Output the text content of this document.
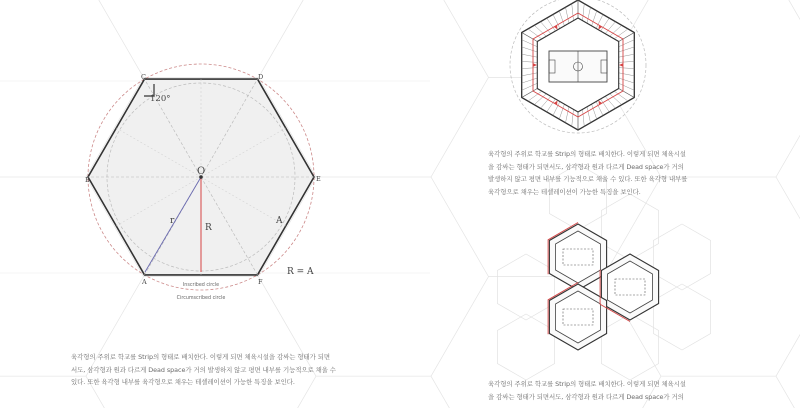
C	D
B	E
A	F
O
120°
r
R
A
R = A
Inscribed circle
Circumscribed circle

육각형의 주위로 학교를 Strip의 형태로 배치한다. 이렇게 되면 체육시설을 감싸는 형태가 되면
서도, 삼각형과 원과 다르게 Dead space가 거의 발생하지 않고 평면 내부를 기능적으로 채울 수
있다. 또한 육각형 내부를 육각형으로 채우는 테셀레이션이 가능한 특징을 보인다.

육각형의 주위로 학교를 Strip의 형태로 배치한다. 이렇게 되면 체육시설
을 감싸는 형태가 되면서도, 삼각형과 원과 다르게 Dead space가 거의
발생하지 않고 평면 내부를 기능적으로 채울 수 있다. 또한 육각형 내부를
육각형으로 채우는 테셀레이션이 가능한 특징을 보인다.

육각형의 주위로 학교를 Strip의 형태로 배치한다. 이렇게 되면 체육시설
을 감싸는 형태가 되면서도, 삼각형과 원과 다르게 Dead space가 거의
